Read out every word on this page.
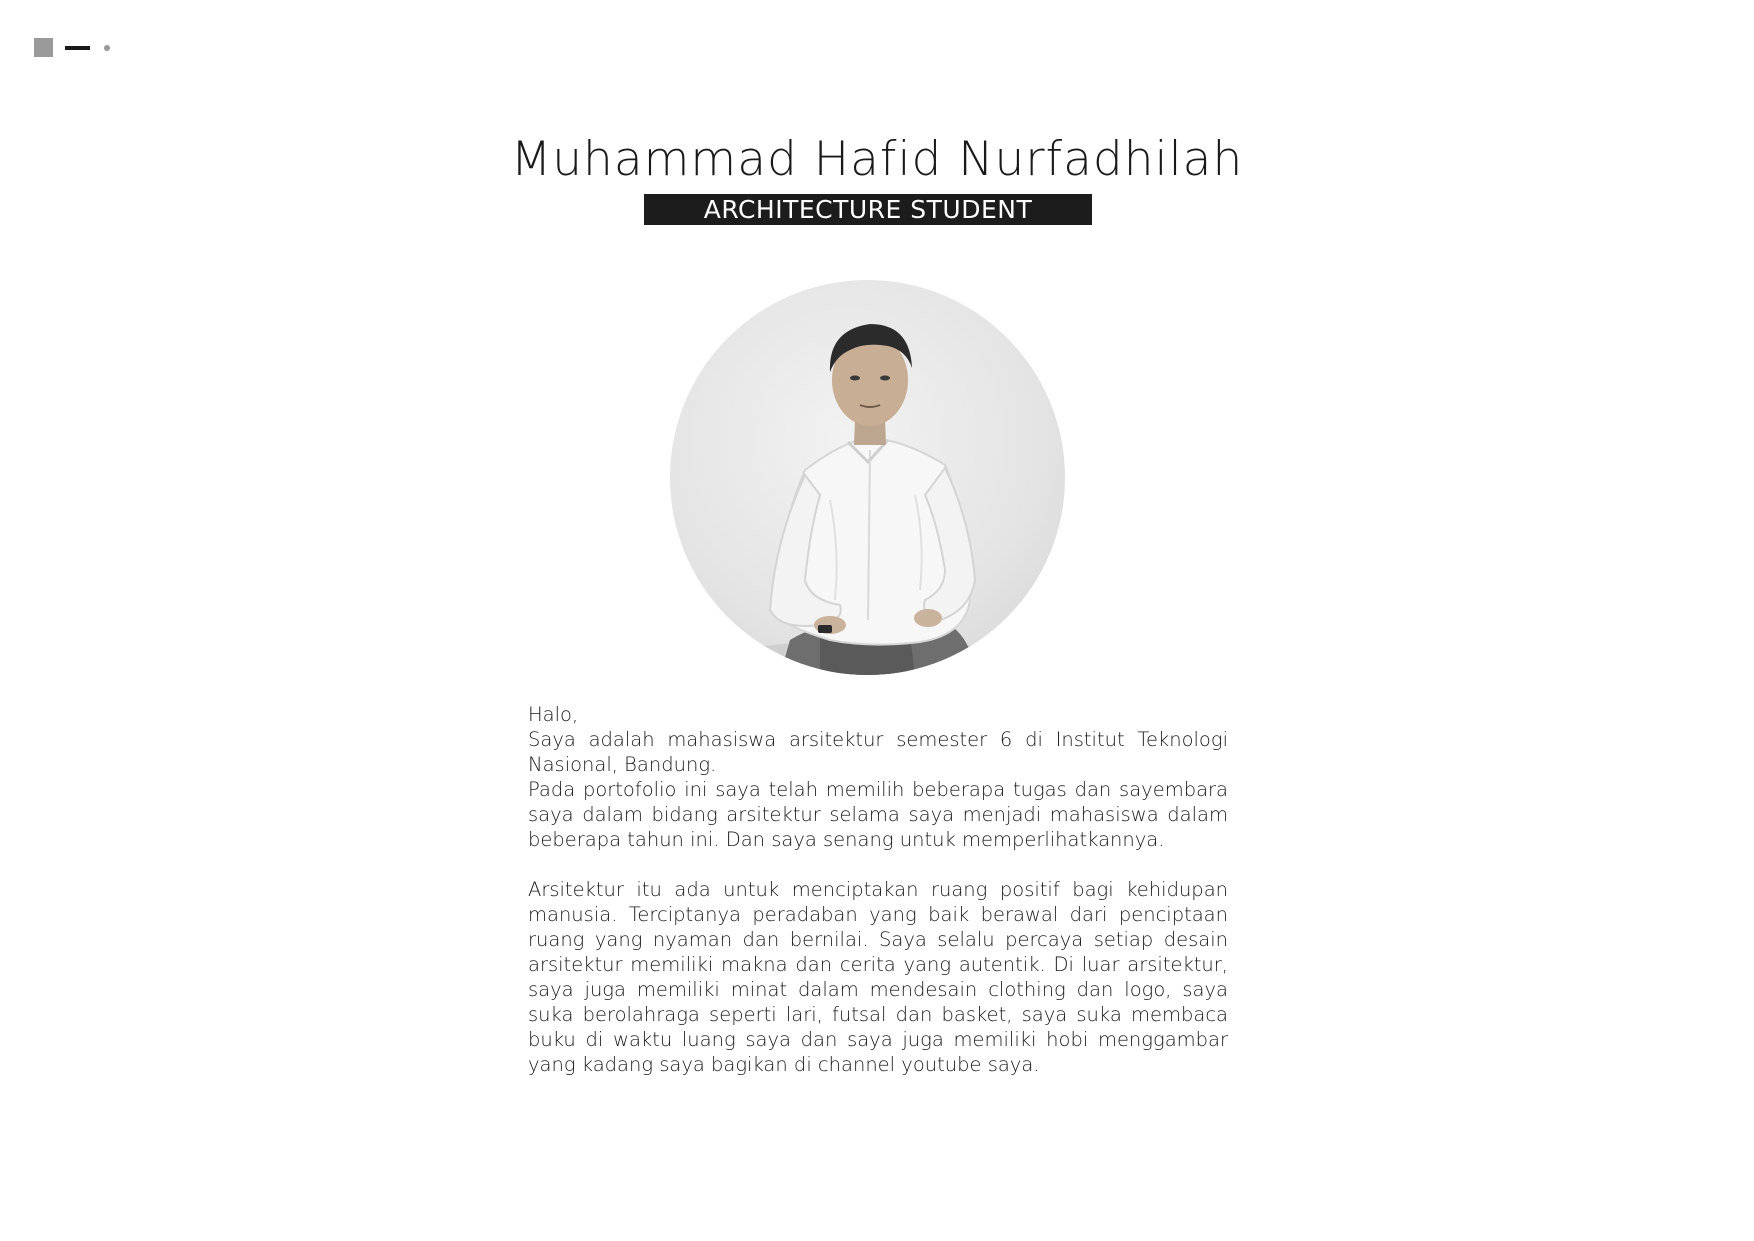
Muhammad Hafid Nurfadhilah
ARCHITECTURE STUDENT

Halo,

Saya adalah mahasiswa arsitektur semester 6 di Institut Teknologi Nasional, Bandung.

Pada portofolio ini saya telah memilih beberapa tugas dan sayembara saya dalam bidang arsitektur selama saya menjadi mahasiswa dalam beberapa tahun ini. Dan saya senang untuk memperlihatkannya.

Arsitektur itu ada untuk menciptakan ruang positif bagi kehidupan manusia. Terciptanya peradaban yang baik berawal dari penciptaan ruang yang nyaman dan bernilai. Saya selalu percaya setiap desain arsitektur memiliki makna dan cerita yang autentik. Di luar arsitektur, saya juga memiliki minat dalam mendesain clothing dan logo, saya suka berolahraga seperti lari, futsal dan basket, saya suka membaca buku di waktu luang saya dan saya juga memiliki hobi menggambar yang kadang saya bagikan di channel youtube saya.
